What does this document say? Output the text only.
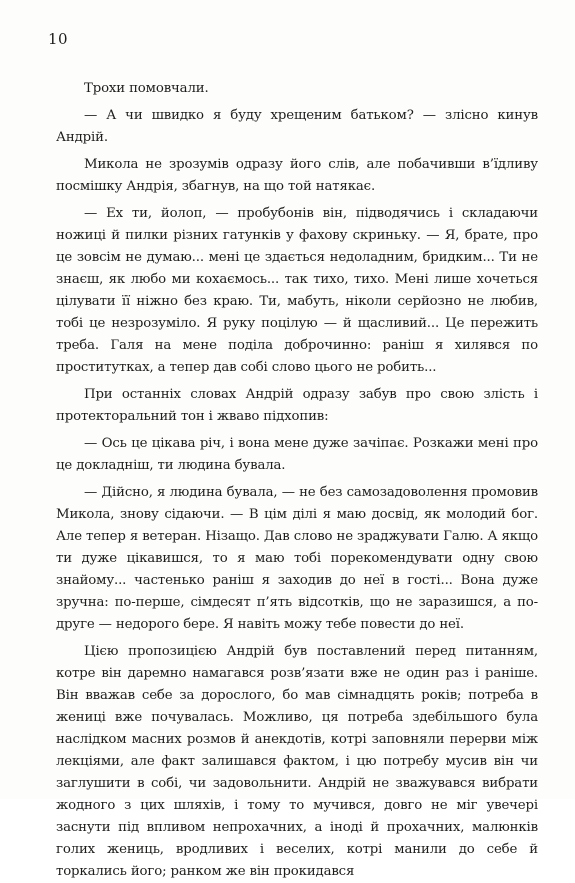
10

Трохи помовчали.

— А чи швидко я буду хрещеним батьком? — злісно кинув Андрій.

Микола не зрозумів одразу його слів, але побачивши в’їдливу посмішку Андрія, збагнув, на що той натякає.

— Ех ти, йолоп, — пробубонів він, підводячись і складаючи ножиці й пилки різних гатунків у фахову скриньку. — Я, брате, про це зовсім не думаю... мені це здається недоладним, бридким... Ти не знаєш, як любо ми кохаємось... так тихо, тихо. Мені лише хочеться цілувати її ніжно без краю. Ти, мабуть, ніколи серйозно не любив, тобі це незрозуміло. Я руку поцілую — й щасливий... Це пережить треба. Галя на мене поділа доброчинно: раніш я хилявся по проститутках, а тепер дав собі слово цього не робить...

При останніх словах Андрій одразу забув про свою злість і протекторальний тон і жваво підхопив:

— Ось це цікава річ, і вона мене дуже зачіпає. Розкажи мені про це докладніш, ти людина бувала.

— Дійсно, я людина бувала, — не без самозадоволення промовив Микола, знову сідаючи. — В цім ділі я маю досвід, як молодий бог. Але тепер я ветеран. Нізащо. Дав слово не зраджувати Галю. А якщо ти дуже цікавишся, то я маю тобі порекомендувати одну свою знайому... частенько раніш я заходив до неї в гості... Вона дуже зручна: по-перше, сімдесят п’ять відсотків, що не заразишся, а по-друге — недорого бере. Я навіть можу тебе повести до неї.

Цією пропозицією Андрій був поставлений перед питанням, котре він даремно намагався розв’язати вже не один раз і раніше. Він вважав себе за дорослого, бо мав сімнадцять років; потреба в жениці вже почувалась. Можливо, ця потреба здебільшого була наслідком масних розмов й анекдотів, котрі заповняли перерви між лекціями, але факт залишався фактом, і цю потребу мусив він чи заглушити в собі, чи задовольнити. Андрій не зважувався вибрати жодного з цих шляхів, і тому то мучився, довго не міг увечері заснути під впливом непрохачних, а іноді й прохачних, малюнків голих жениць, вродливих і веселих, котрі манили до себе й торкались його; ранком же він прокидався
